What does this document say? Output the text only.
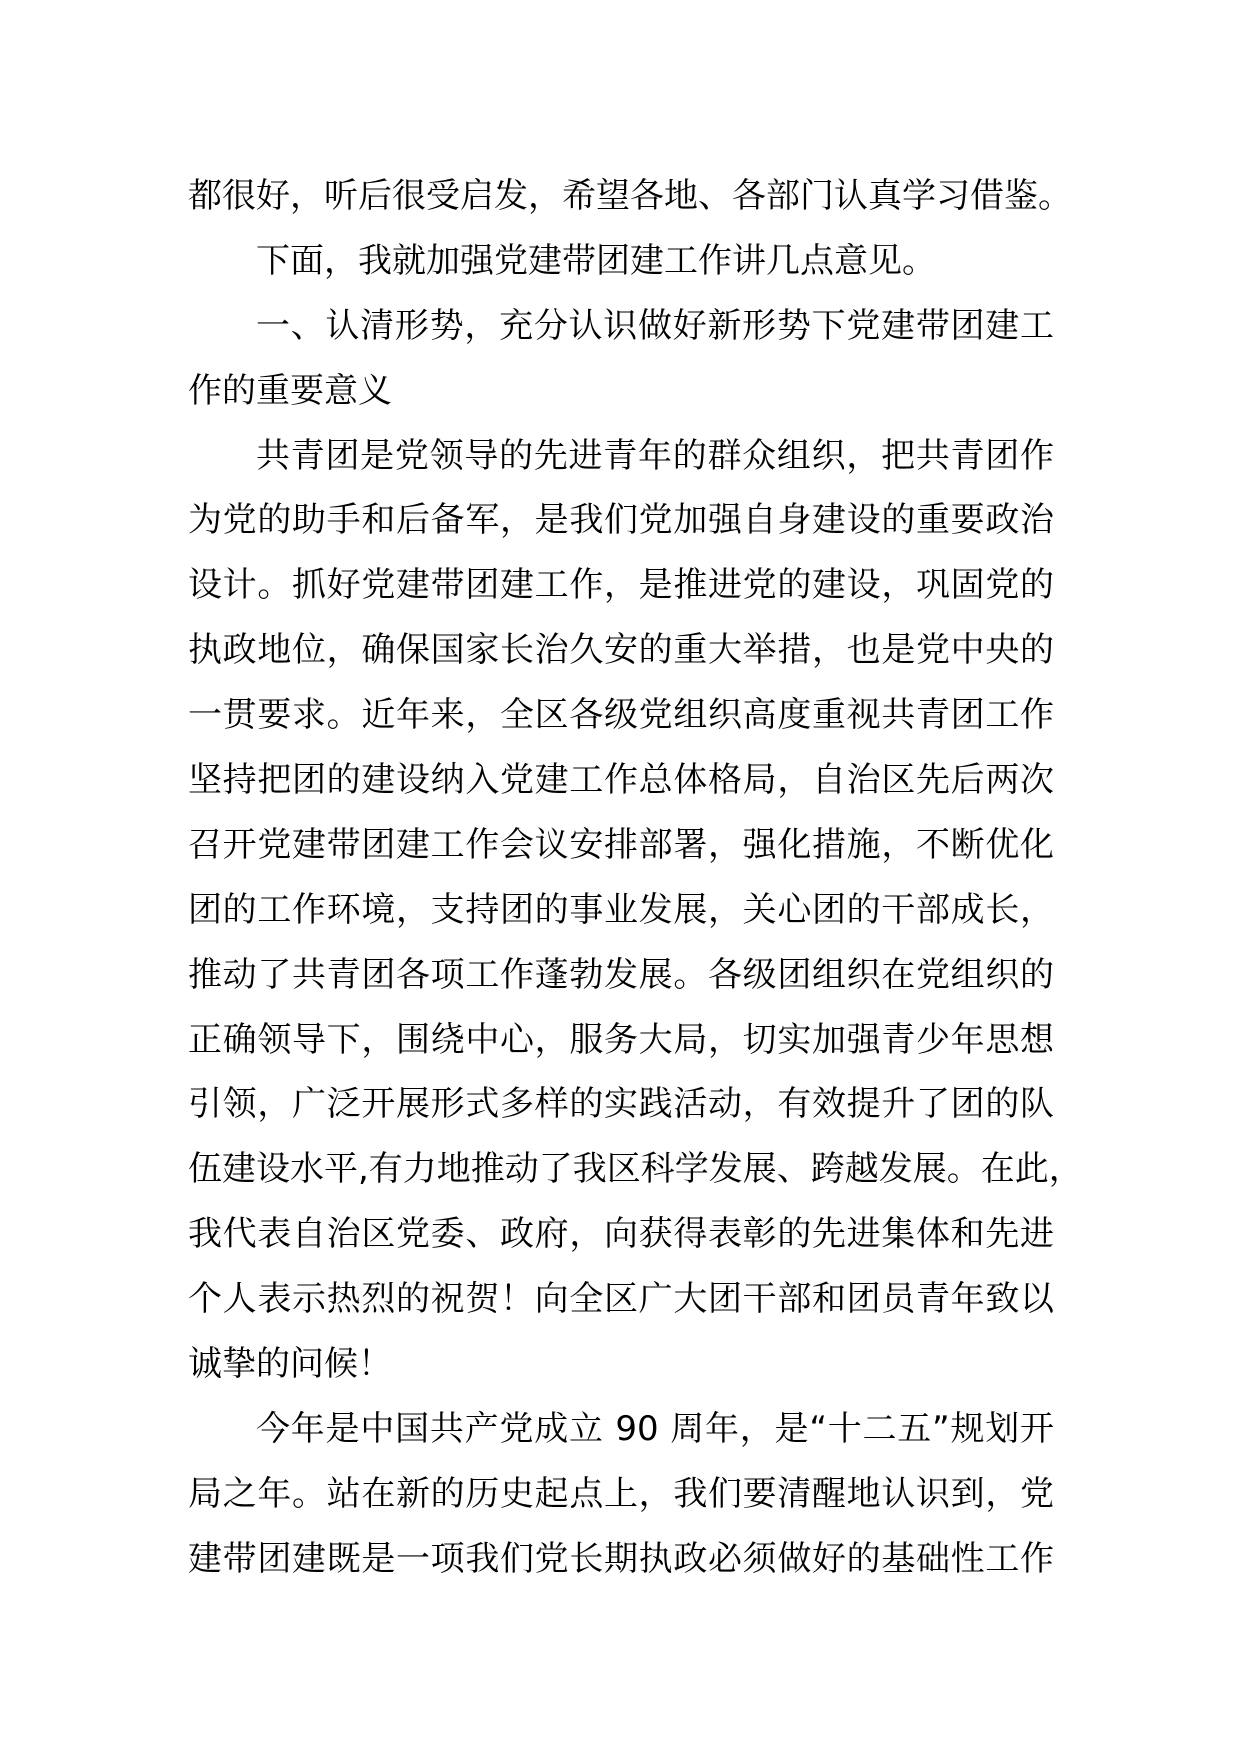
都很好，听后很受启发，希望各地、各部门认真学习借鉴。
下面，我就加强党建带团建工作讲几点意见。
一、认清形势，充分认识做好新形势下党建带团建工
作的重要意义
共青团是党领导的先进青年的群众组织，把共青团作
为党的助手和后备军，是我们党加强自身建设的重要政治
设计。抓好党建带团建工作，是推进党的建设，巩固党的
执政地位，确保国家长治久安的重大举措，也是党中央的
一贯要求。近年来，全区各级党组织高度重视共青团工作
坚持把团的建设纳入党建工作总体格局，自治区先后两次
召开党建带团建工作会议安排部署，强化措施，不断优化
团的工作环境，支持团的事业发展，关心团的干部成长，
推动了共青团各项工作蓬勃发展。各级团组织在党组织的
正确领导下，围绕中心，服务大局，切实加强青少年思想
引领，广泛开展形式多样的实践活动，有效提升了团的队
伍建设水平,有力地推动了我区科学发展、跨越发展。在此，
我代表自治区党委、政府，向获得表彰的先进集体和先进
个人表示热烈的祝贺！向全区广大团干部和团员青年致以
诚挚的问候！
今年是中国共产党成立 90 周年，是“十二五”规划开
局之年。站在新的历史起点上，我们要清醒地认识到，党
建带团建既是一项我们党长期执政必须做好的基础性工作
